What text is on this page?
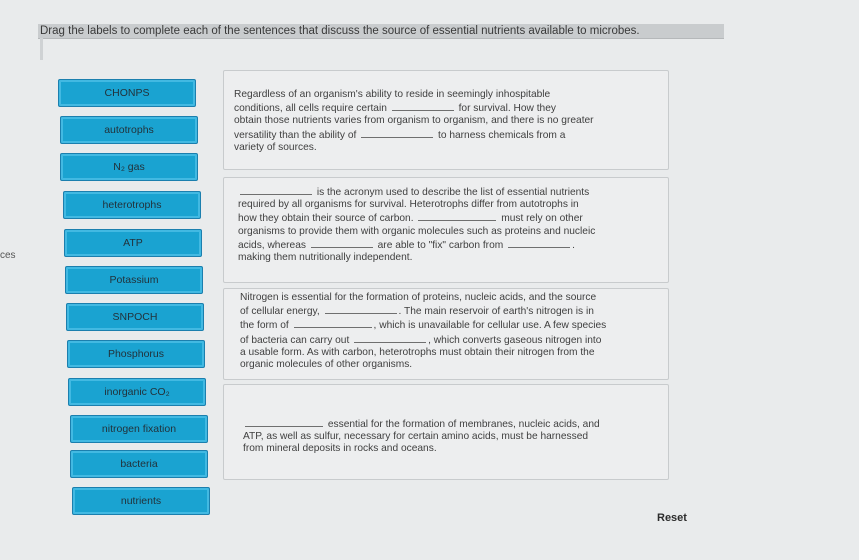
ces
Drag the labels to complete each of the sentences that discuss the source of essential nutrients available to microbes.
CHONPS
autotrophs
N₂ gas
heterotrophs
ATP
Potassium
SNPOCH
Phosphorus
inorganic CO₂
nitrogen fixation
bacteria
nutrients
Regardless of an organism's ability to reside in seemingly inhospitable
conditions, all cells require certain	for survival. How they
obtain those nutrients varies from organism to organism, and there is no greater
versatility than the ability of	to harness chemicals from a
variety of sources.
is the acronym used to describe the list of essential nutrients
required by all organisms for survival. Heterotrophs differ from autotrophs in
how they obtain their source of carbon.	must rely on other
organisms to provide them with organic molecules such as proteins and nucleic
acids, whereas	are able to "fix" carbon from	.
making them nutritionally independent.
Nitrogen is essential for the formation of proteins, nucleic acids, and the source
of cellular energy,	. The main reservoir of earth's nitrogen is in
the form of	, which is unavailable for cellular use. A few species
of bacteria can carry out	, which converts gaseous nitrogen into
a usable form. As with carbon, heterotrophs must obtain their nitrogen from the
organic molecules of other organisms.
essential for the formation of membranes, nucleic acids, and
ATP, as well as sulfur, necessary for certain amino acids, must be harnessed
from mineral deposits in rocks and oceans.
Reset
